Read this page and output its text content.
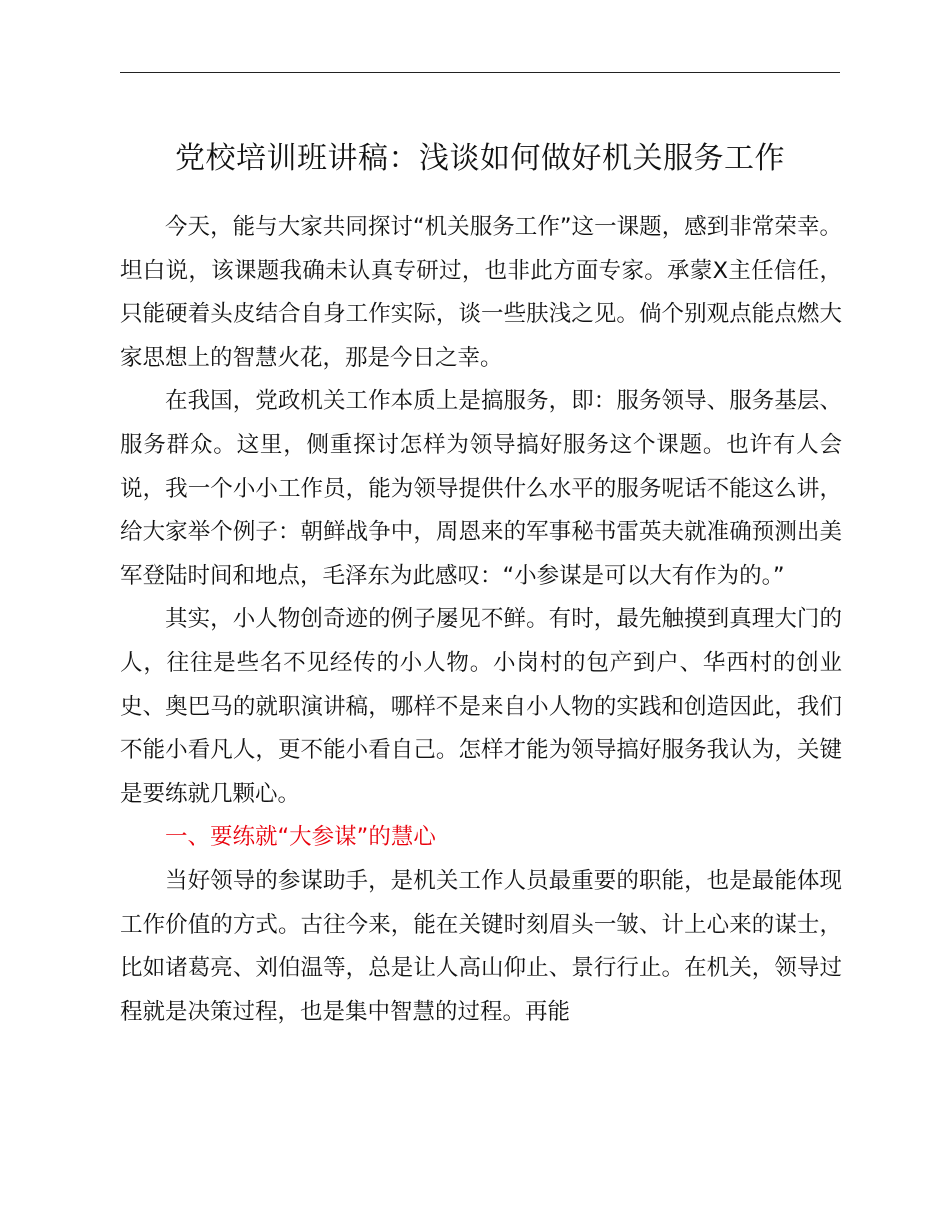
党校培训班讲稿：浅谈如何做好机关服务工作

今天，能与大家共同探讨“机关服务工作”这一课题，感到非常荣幸。坦白说，该课题我确未认真专研过，也非此方面专家。承蒙X主任信任，只能硬着头皮结合自身工作实际，谈一些肤浅之见。倘个别观点能点燃大家思想上的智慧火花，那是今日之幸。

在我国，党政机关工作本质上是搞服务，即：服务领导、服务基层、服务群众。这里，侧重探讨怎样为领导搞好服务这个课题。也许有人会说，我一个小小工作员，能为领导提供什么水平的服务呢话不能这么讲，给大家举个例子：朝鲜战争中，周恩来的军事秘书雷英夫就准确预测出美军登陆时间和地点，毛泽东为此感叹：“小参谋是可以大有作为的。”

其实，小人物创奇迹的例子屡见不鲜。有时，最先触摸到真理大门的人，往往是些名不见经传的小人物。小岗村的包产到户、华西村的创业史、奥巴马的就职演讲稿，哪样不是来自小人物的实践和创造因此，我们不能小看凡人，更不能小看自己。怎样才能为领导搞好服务我认为，关键是要练就几颗心。

一、要练就“大参谋”的慧心

当好领导的参谋助手，是机关工作人员最重要的职能，也是最能体现工作价值的方式。古往今来，能在关键时刻眉头一皱、计上心来的谋士，比如诸葛亮、刘伯温等，总是让人高山仰止、景行行止。在机关，领导过程就是决策过程，也是集中智慧的过程。再能
